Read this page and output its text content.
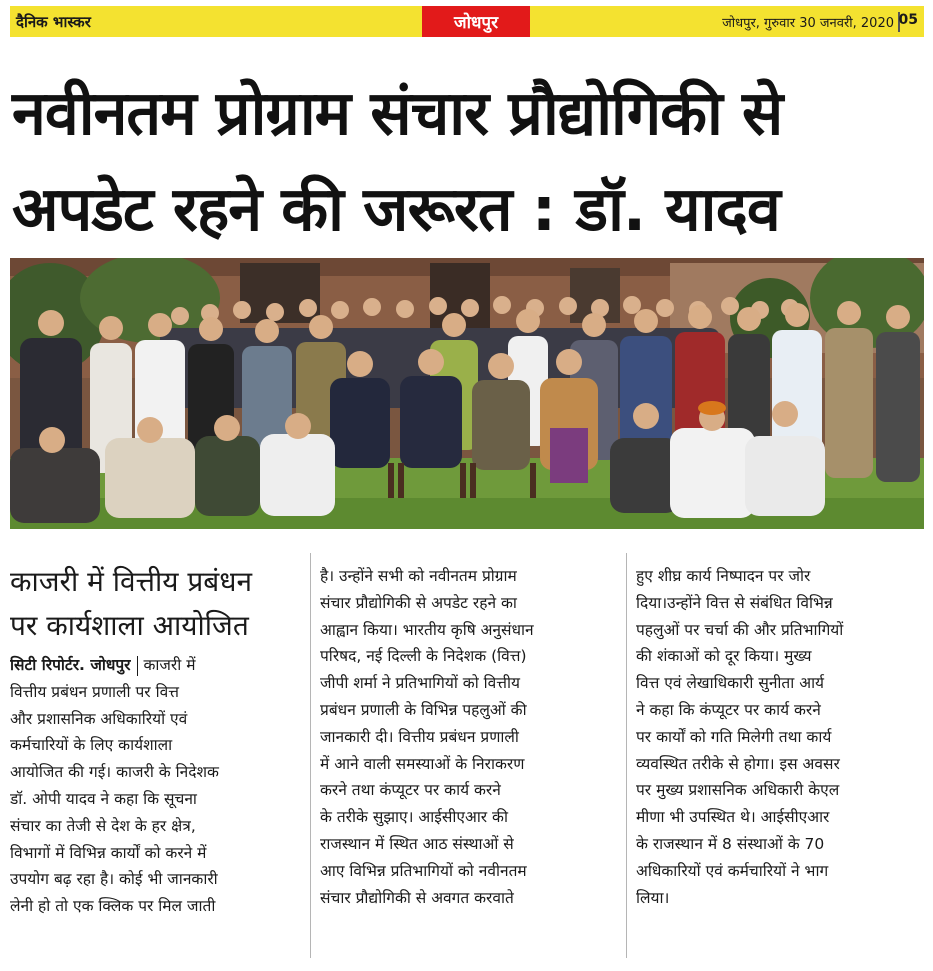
दैनिक भास्कर	जोधपुर	जोधपुर, गुरुवार 30 जनवरी, 2020 05
नवीनतम प्रोग्राम संचार प्रौद्योगिकी से
अपडेट रहने की जरूरत : डॉ. यादव
काजरी में वित्तीय प्रबंधन
पर कार्यशाला आयोजित
सिटी रिपोर्टर. जोधपुर काजरी में
वित्तीय प्रबंधन प्रणाली पर वित्त
और प्रशासनिक अधिकारियों एवं
कर्मचारियों के लिए कार्यशाला
आयोजित की गई। काजरी के निदेशक
डॉ. ओपी यादव ने कहा कि सूचना
संचार का तेजी से देश के हर क्षेत्र,
विभागों में विभिन्न कार्यों को करने में
उपयोग बढ़ रहा है। कोई भी जानकारी
लेनी हो तो एक क्लिक पर मिल जाती
है। उन्होंने सभी को नवीनतम प्रोग्राम
संचार प्रौद्योगिकी से अपडेट रहने का
आह्वान किया। भारतीय कृषि अनुसंधान
परिषद, नई दिल्ली के निदेशक (वित्त)
जीपी शर्मा ने प्रतिभागियों को वित्तीय
प्रबंधन प्रणाली के विभिन्न पहलुओं की
जानकारी दी। वित्तीय प्रबंधन प्रणाली
में आने वाली समस्याओं के निराकरण
करने तथा कंप्यूटर पर कार्य करने
के तरीके सुझाए। आईसीएआर की
राजस्थान में स्थित आठ संस्थाओं से
आए विभिन्न प्रतिभागियों को नवीनतम
संचार प्रौद्योगिकी से अवगत करवाते
हुए शीघ्र कार्य निष्पादन पर जोर
दिया।उन्होंने वित्त से संबंधित विभिन्न
पहलुओं पर चर्चा की और प्रतिभागियों
की शंकाओं को दूर किया। मुख्य
वित्त एवं लेखाधिकारी सुनीता आर्य
ने कहा कि कंप्यूटर पर कार्य करने
पर कार्यों को गति मिलेगी तथा कार्य
व्यवस्थित तरीके से होगा। इस अवसर
पर मुख्य प्रशासनिक अधिकारी केएल
मीणा भी उपस्थित थे। आईसीएआर
के राजस्थान में 8 संस्थाओं के 70
अधिकारियों एवं कर्मचारियों ने भाग
लिया।
